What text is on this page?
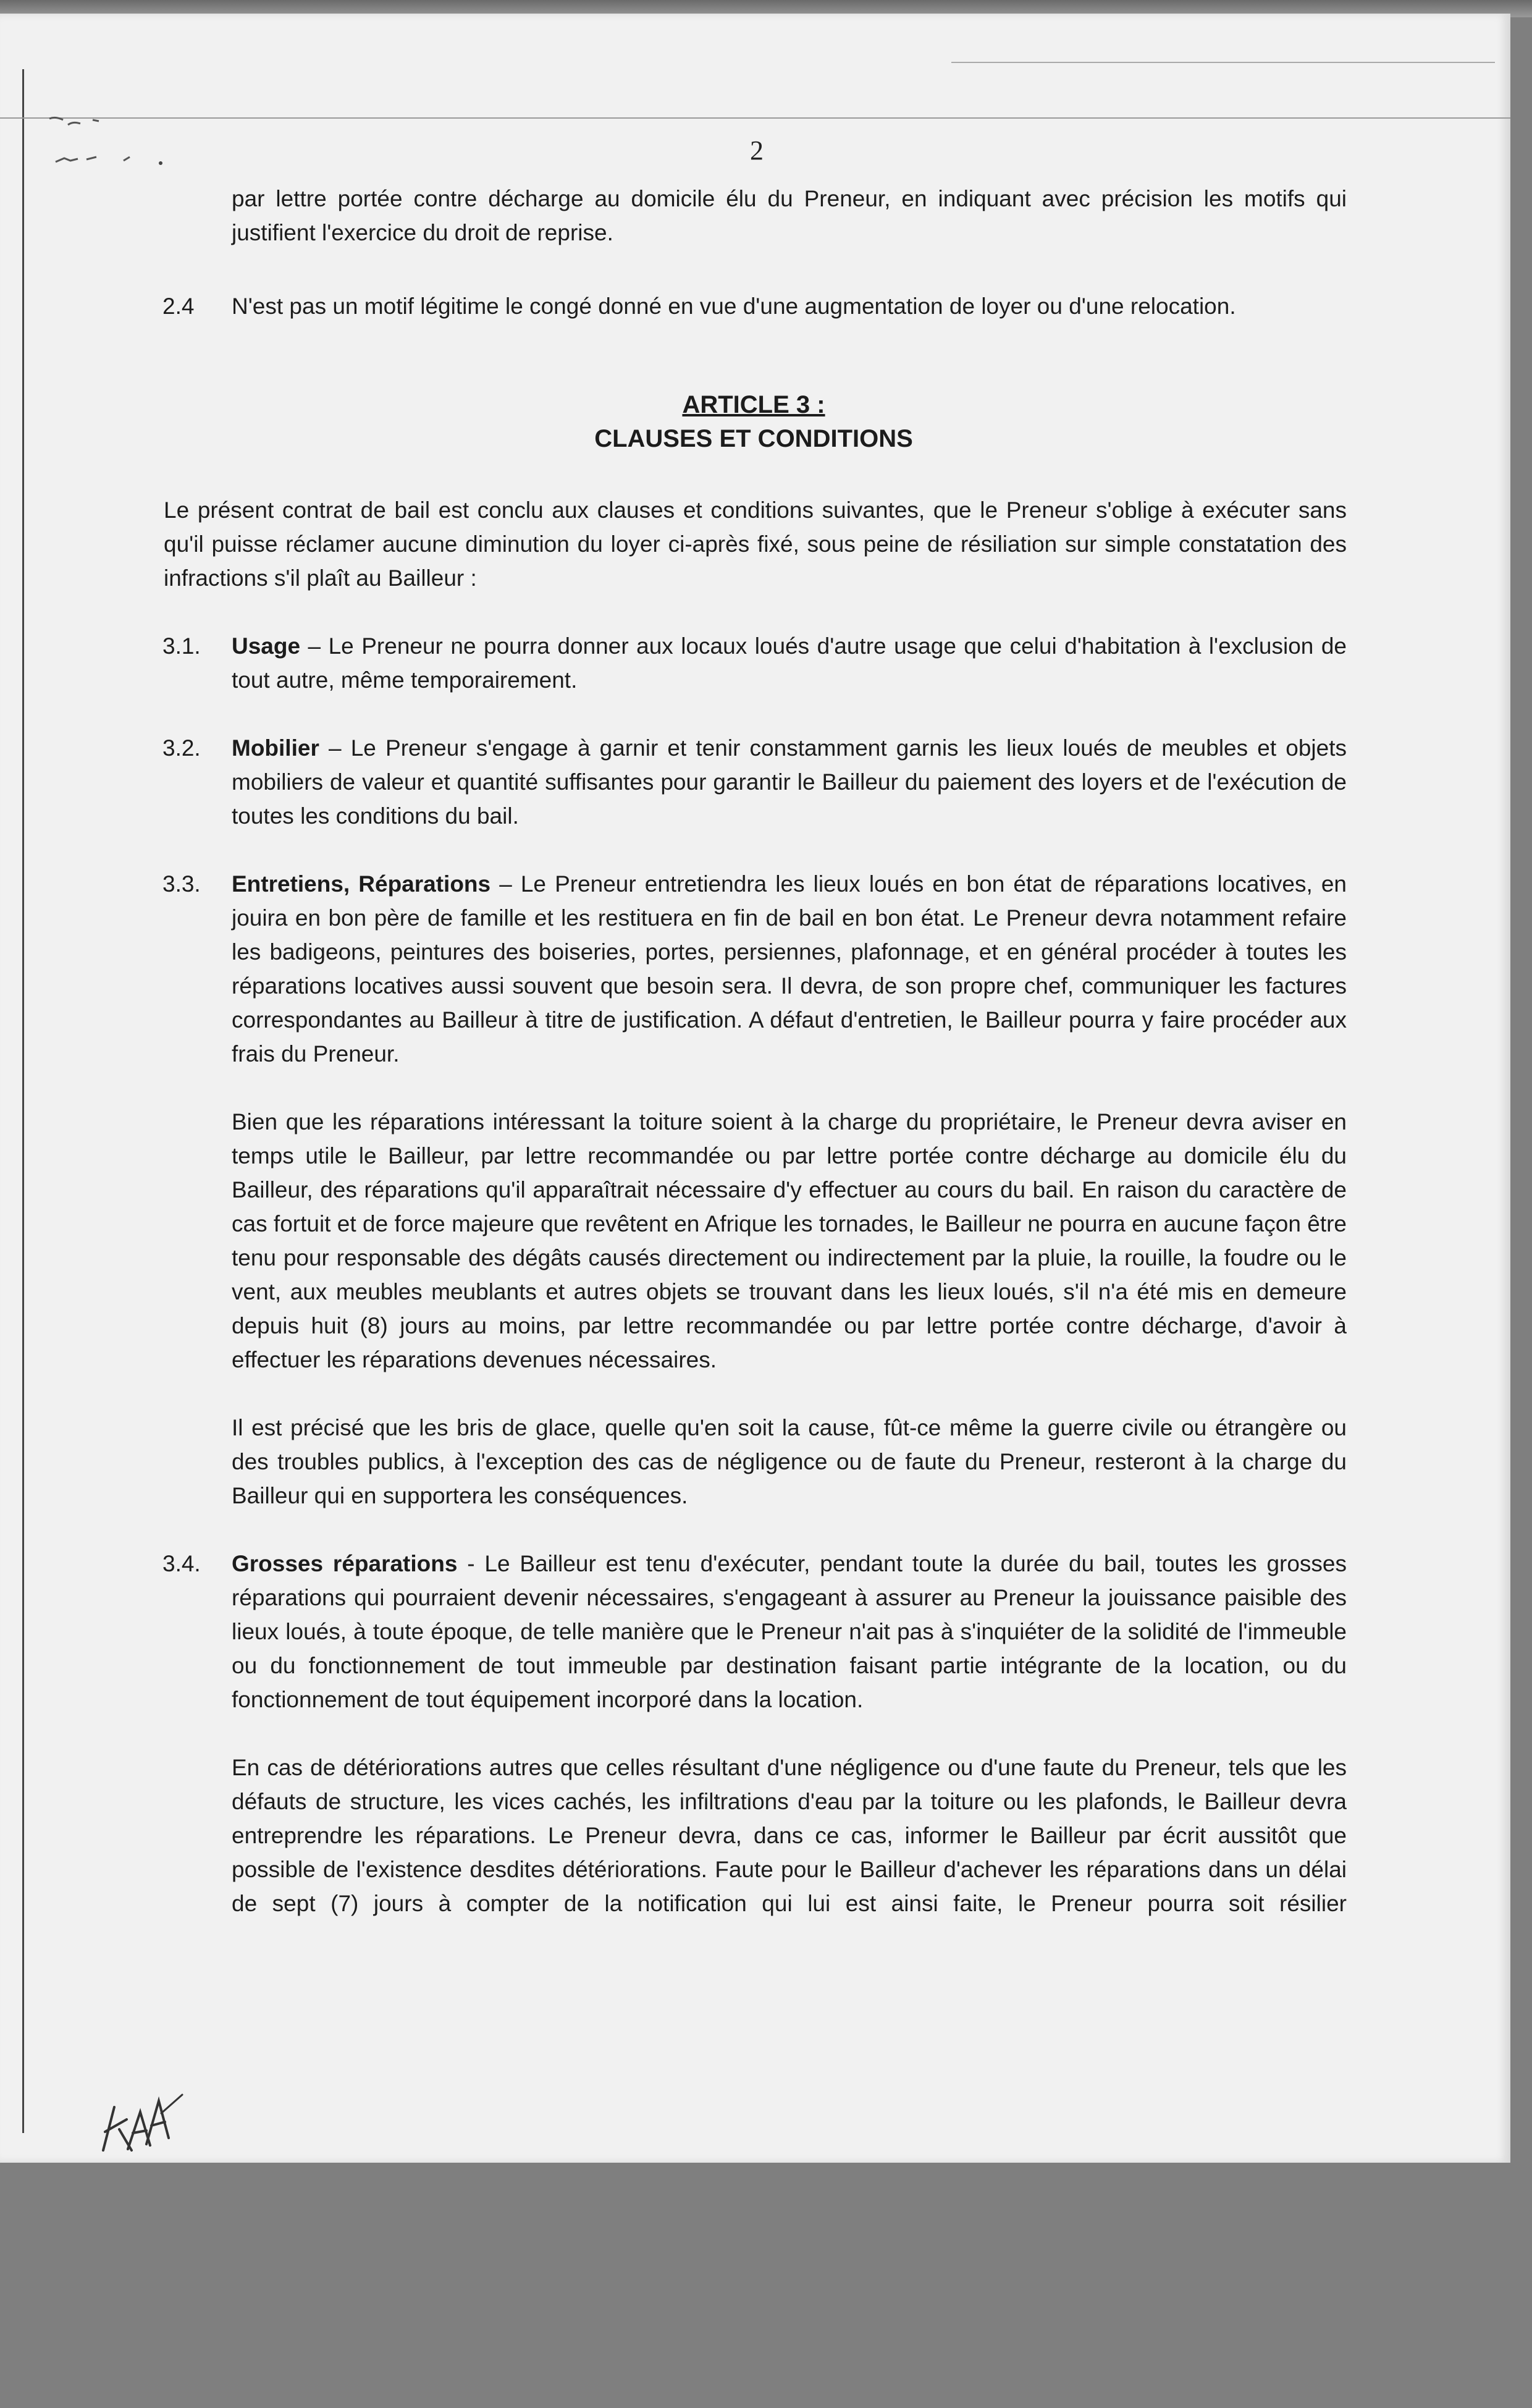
2

par lettre portée contre décharge au domicile élu du Preneur, en indiquant avec précision les motifs qui justifient l'exercice du droit de reprise.

2.4 N'est pas un motif légitime le congé donné en vue d'une augmentation de loyer ou d'une relocation.

ARTICLE 3 :
CLAUSES ET CONDITIONS

Le présent contrat de bail est conclu aux clauses et conditions suivantes, que le Preneur s'oblige à exécuter sans qu'il puisse réclamer aucune diminution du loyer ci-après fixé, sous peine de résiliation sur simple constatation des infractions s'il plaît au Bailleur :

3.1. Usage – Le Preneur ne pourra donner aux locaux loués d'autre usage que celui d'habitation à l'exclusion de tout autre, même temporairement.

3.2. Mobilier – Le Preneur s'engage à garnir et tenir constamment garnis les lieux loués de meubles et objets mobiliers de valeur et quantité suffisantes pour garantir le Bailleur du paiement des loyers et de l'exécution de toutes les conditions du bail.

3.3. Entretiens, Réparations – Le Preneur entretiendra les lieux loués en bon état de réparations locatives, en jouira en bon père de famille et les restituera en fin de bail en bon état. Le Preneur devra notamment refaire les badigeons, peintures des boiseries, portes, persiennes, plafonnage, et en général procéder à toutes les réparations locatives aussi souvent que besoin sera. Il devra, de son propre chef, communiquer les factures correspondantes au Bailleur à titre de justification. A défaut d'entretien, le Bailleur pourra y faire procéder aux frais du Preneur.

Bien que les réparations intéressant la toiture soient à la charge du propriétaire, le Preneur devra aviser en temps utile le Bailleur, par lettre recommandée ou par lettre portée contre décharge au domicile élu du Bailleur, des réparations qu'il apparaîtrait nécessaire d'y effectuer au cours du bail. En raison du caractère de cas fortuit et de force majeure que revêtent en Afrique les tornades, le Bailleur ne pourra en aucune façon être tenu pour responsable des dégâts causés directement ou indirectement par la pluie, la rouille, la foudre ou le vent, aux meubles meublants et autres objets se trouvant dans les lieux loués, s'il n'a été mis en demeure depuis huit (8) jours au moins, par lettre recommandée ou par lettre portée contre décharge, d'avoir à effectuer les réparations devenues nécessaires.

Il est précisé que les bris de glace, quelle qu'en soit la cause, fût-ce même la guerre civile ou étrangère ou des troubles publics, à l'exception des cas de négligence ou de faute du Preneur, resteront à la charge du Bailleur qui en supportera les conséquences.

3.4. Grosses réparations - Le Bailleur est tenu d'exécuter, pendant toute la durée du bail, toutes les grosses réparations qui pourraient devenir nécessaires, s'engageant à assurer au Preneur la jouissance paisible des lieux loués, à toute époque, de telle manière que le Preneur n'ait pas à s'inquiéter de la solidité de l'immeuble ou du fonctionnement de tout immeuble par destination faisant partie intégrante de la location, ou du fonctionnement de tout équipement incorporé dans la location.

En cas de détériorations autres que celles résultant d'une négligence ou d'une faute du Preneur, tels que les défauts de structure, les vices cachés, les infiltrations d'eau par la toiture ou les plafonds, le Bailleur devra entreprendre les réparations. Le Preneur devra, dans ce cas, informer le Bailleur par écrit aussitôt que possible de l'existence desdites détériorations. Faute pour le Bailleur d'achever les réparations dans un délai de sept (7) jours à compter de la notification qui lui est ainsi faite, le Preneur pourra soit résilier
